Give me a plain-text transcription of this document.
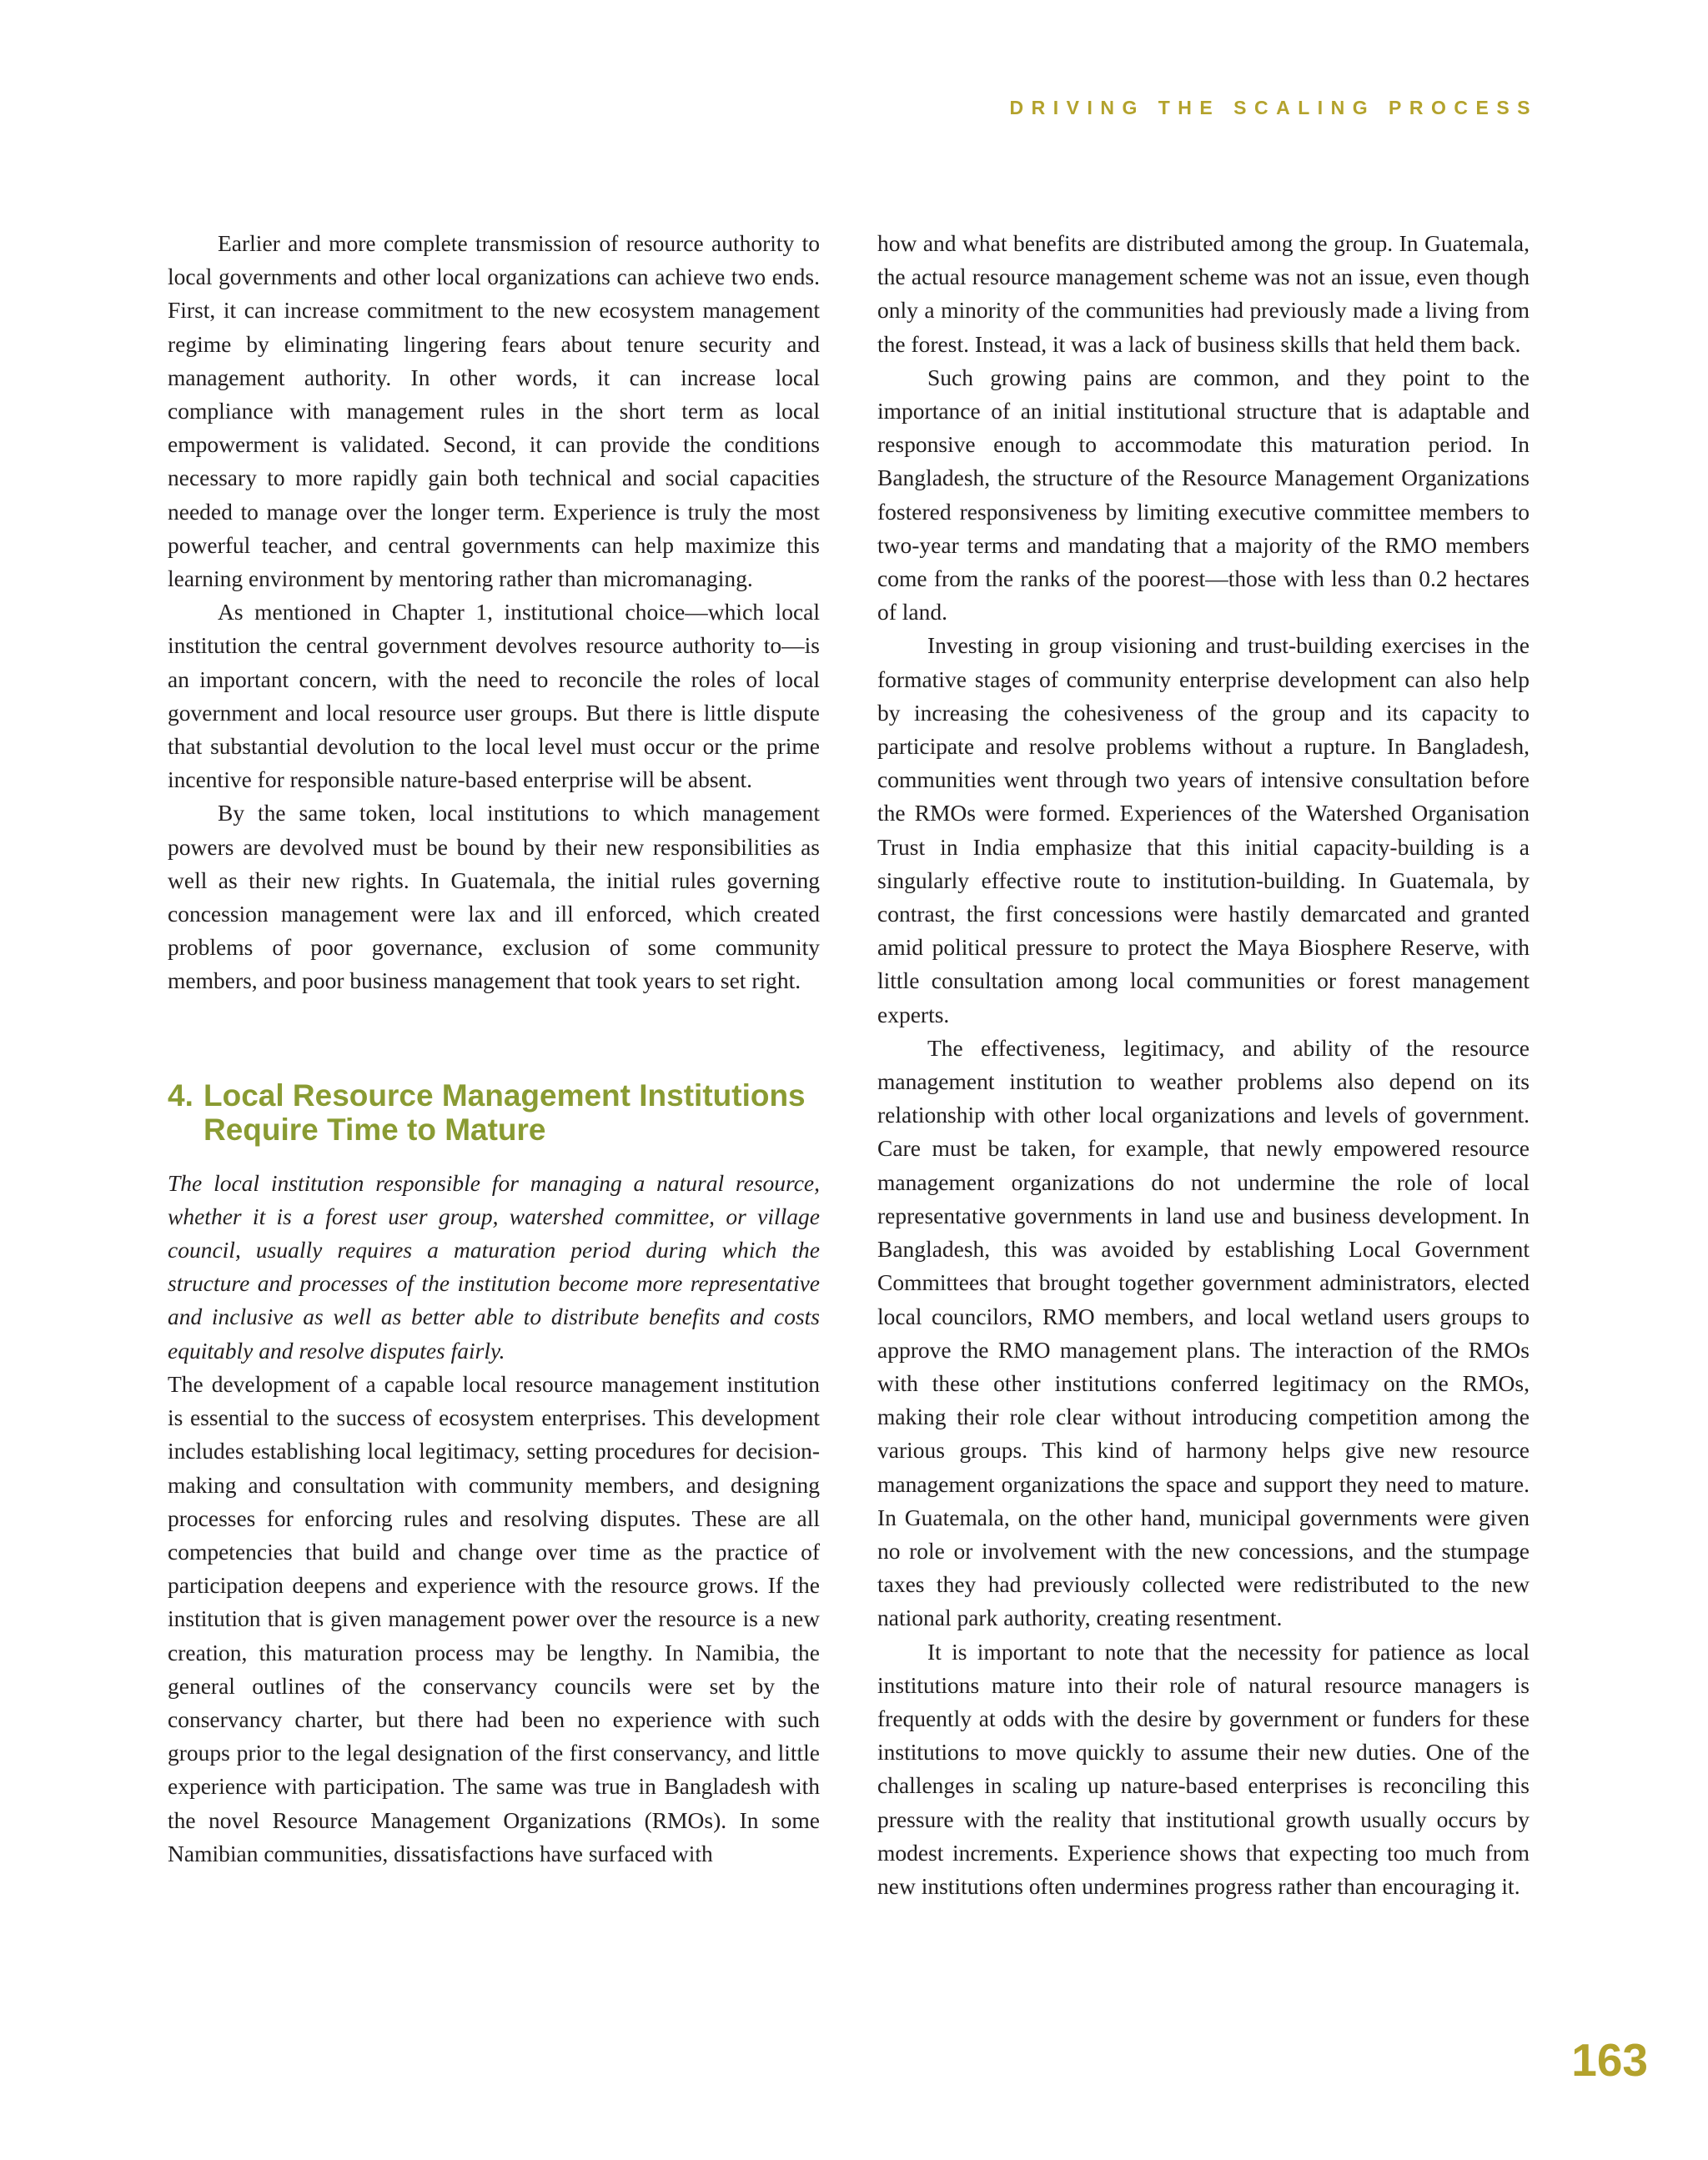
DRIVING THE SCALING PROCESS

Earlier and more complete transmission of resource authority to local governments and other local organizations can achieve two ends. First, it can increase commitment to the new ecosystem management regime by eliminating lingering fears about tenure security and management authority. In other words, it can increase local compliance with management rules in the short term as local empowerment is validated. Second, it can provide the conditions necessary to more rapidly gain both technical and social capacities needed to manage over the longer term. Experience is truly the most powerful teacher, and central governments can help maximize this learning environment by mentoring rather than micromanaging.

As mentioned in Chapter 1, institutional choice—which local institution the central government devolves resource authority to—is an important concern, with the need to reconcile the roles of local government and local resource user groups. But there is little dispute that substantial devolution to the local level must occur or the prime incentive for responsible nature-based enterprise will be absent.

By the same token, local institutions to which management powers are devolved must be bound by their new responsibilities as well as their new rights. In Guatemala, the initial rules governing concession management were lax and ill enforced, which created problems of poor governance, exclusion of some community members, and poor business management that took years to set right.

4. Local Resource Management Institutions
Require Time to Mature

The local institution responsible for managing a natural resource, whether it is a forest user group, watershed committee, or village council, usually requires a maturation period during which the structure and processes of the institution become more representative and inclusive as well as better able to distribute benefits and costs equitably and resolve disputes fairly.

The development of a capable local resource management institution is essential to the success of ecosystem enterprises. This development includes establishing local legitimacy, setting procedures for decision-making and consultation with community members, and designing processes for enforcing rules and resolving disputes. These are all competencies that build and change over time as the practice of participation deepens and experience with the resource grows. If the institution that is given management power over the resource is a new creation, this maturation process may be lengthy. In Namibia, the general outlines of the conservancy councils were set by the conservancy charter, but there had been no experience with such groups prior to the legal designation of the first conservancy, and little experience with participation. The same was true in Bangladesh with the novel Resource Management Organizations (RMOs). In some Namibian communities, dissatisfactions have surfaced with

how and what benefits are distributed among the group. In Guatemala, the actual resource management scheme was not an issue, even though only a minority of the communities had previously made a living from the forest. Instead, it was a lack of business skills that held them back.

Such growing pains are common, and they point to the importance of an initial institutional structure that is adaptable and responsive enough to accommodate this maturation period. In Bangladesh, the structure of the Resource Management Organizations fostered responsiveness by limiting executive committee members to two-year terms and mandating that a majority of the RMO members come from the ranks of the poorest—those with less than 0.2 hectares of land.

Investing in group visioning and trust-building exercises in the formative stages of community enterprise development can also help by increasing the cohesiveness of the group and its capacity to participate and resolve problems without a rupture. In Bangladesh, communities went through two years of intensive consultation before the RMOs were formed. Experiences of the Watershed Organisation Trust in India emphasize that this initial capacity-building is a singularly effective route to institution-building. In Guatemala, by contrast, the first concessions were hastily demarcated and granted amid political pressure to protect the Maya Biosphere Reserve, with little consultation among local communities or forest management experts.

The effectiveness, legitimacy, and ability of the resource management institution to weather problems also depend on its relationship with other local organizations and levels of government. Care must be taken, for example, that newly empowered resource management organizations do not undermine the role of local representative governments in land use and business development. In Bangladesh, this was avoided by establishing Local Government Committees that brought together government administrators, elected local councilors, RMO members, and local wetland users groups to approve the RMO management plans. The interaction of the RMOs with these other institutions conferred legitimacy on the RMOs, making their role clear without introducing competition among the various groups. This kind of harmony helps give new resource management organizations the space and support they need to mature. In Guatemala, on the other hand, municipal governments were given no role or involvement with the new concessions, and the stumpage taxes they had previously collected were redistributed to the new national park authority, creating resentment.

It is important to note that the necessity for patience as local institutions mature into their role of natural resource managers is frequently at odds with the desire by government or funders for these institutions to move quickly to assume their new duties. One of the challenges in scaling up nature-based enterprises is reconciling this pressure with the reality that institutional growth usually occurs by modest increments. Experience shows that expecting too much from new institutions often undermines progress rather than encouraging it.

163
